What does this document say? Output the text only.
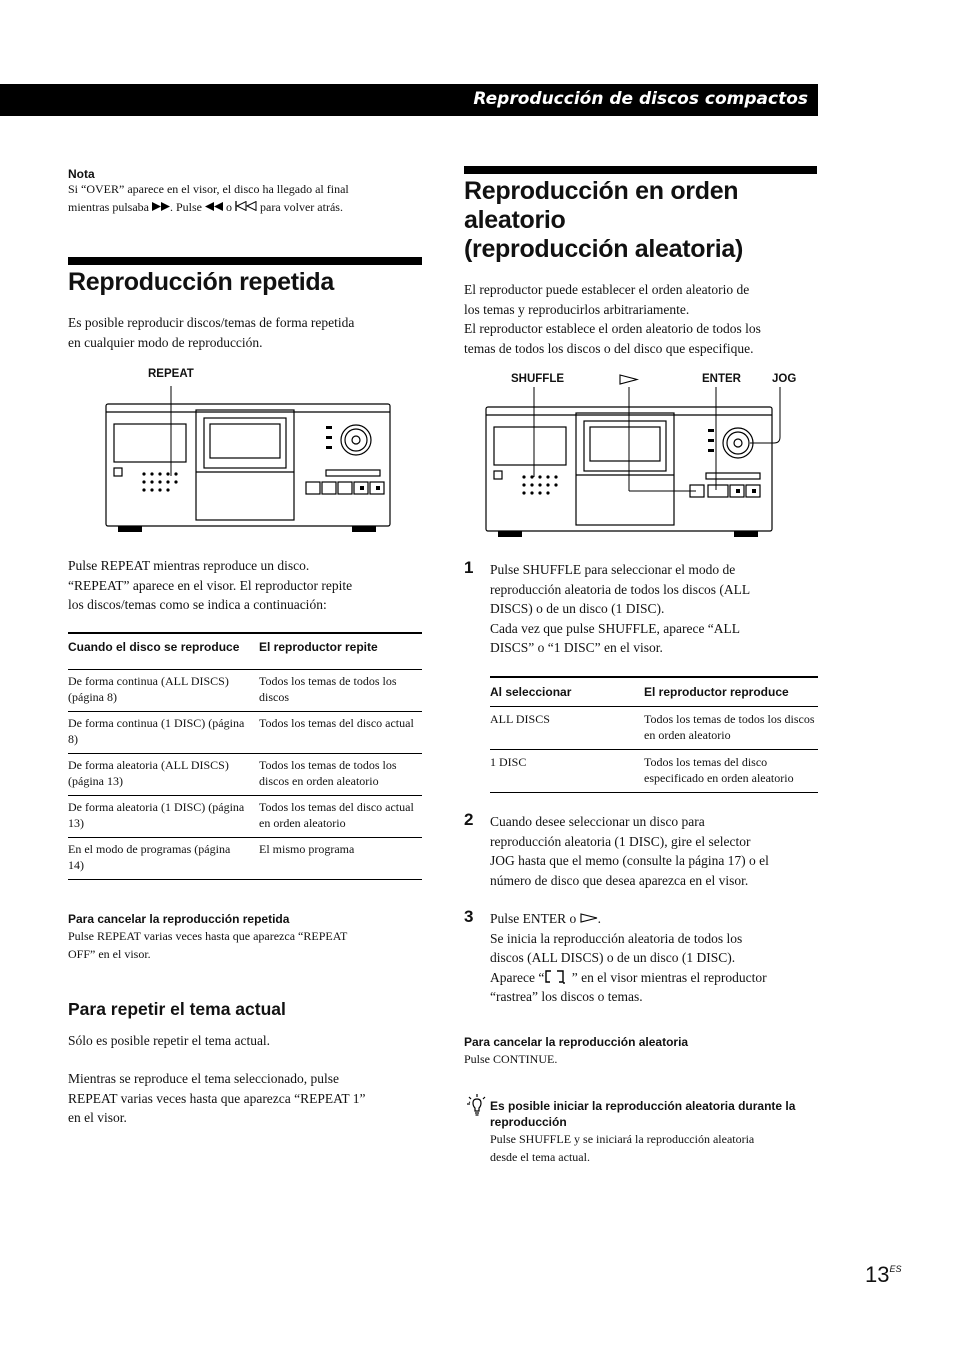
Reproducción de discos compactos
Nota
Si “OVER” aparece en el visor, el disco ha llegado al final
mientras pulsaba . Pulse  o  para volver atrás.
Reproducción repetida
Es posible reproducir discos/temas de forma repetida
en cualquier modo de reproducción.
REPEAT
Pulse REPEAT mientras reproduce un disco.
“REPEAT” aparece en el visor. El reproductor repite
los discos/temas como se indica a continuación:
Cuando el disco se reproduce	El reproductor repite
De forma continua (ALL DISCS) (página 8)	Todos los temas de todos los discos
De forma continua (1 DISC) (página 8)	Todos los temas del disco actual
De forma aleatoria (ALL DISCS) (página 13)	Todos los temas de todos los discos en orden aleatorio
De forma aleatoria (1 DISC) (página 13)	Todos los temas del disco actual en orden aleatorio
En el modo de programas (página 14)	El mismo programa
Para cancelar la reproducción repetida
Pulse REPEAT varias veces hasta que aparezca “REPEAT
OFF” en el visor.
Para repetir el tema actual
Sólo es posible repetir el tema actual.
Mientras se reproduce el tema seleccionado, pulse
REPEAT varias veces hasta que aparezca “REPEAT 1”
en el visor.
Reproducción en orden
aleatorio
(reproducción aleatoria)
El reproductor puede establecer el orden aleatorio de
los temas y reproducirlos arbitrariamente.
El reproductor establece el orden aleatorio de todos los
temas de todos los discos o del disco que especifique.
SHUFFLE	ENTER	JOG
1 Pulse SHUFFLE para seleccionar el modo de
reproducción aleatoria de todos los discos (ALL
DISCS) o de un disco (1 DISC).
Cada vez que pulse SHUFFLE, aparece “ALL
DISCS” o “1 DISC” en el visor.
Al seleccionar	El reproductor reproduce
ALL DISCS	Todos los temas de todos los discos en orden aleatorio
1 DISC	Todos los temas del disco especificado en orden aleatorio
2 Cuando desee seleccionar un disco para
reproducción aleatoria (1 DISC), gire el selector
JOG hasta que el memo (consulte la página 17) o el
número de disco que desea aparezca en el visor.
3 Pulse ENTER o .
Se inicia la reproducción aleatoria de todos los
discos (ALL DISCS) o de un disco (1 DISC).
Aparece “ ” en el visor mientras el reproductor
“rastrea” los discos o temas.
Para cancelar la reproducción aleatoria
Pulse CONTINUE.
Es posible iniciar la reproducción aleatoria durante la
reproducción
Pulse SHUFFLE y se iniciará la reproducción aleatoria
desde el tema actual.
$13^{ES}$
